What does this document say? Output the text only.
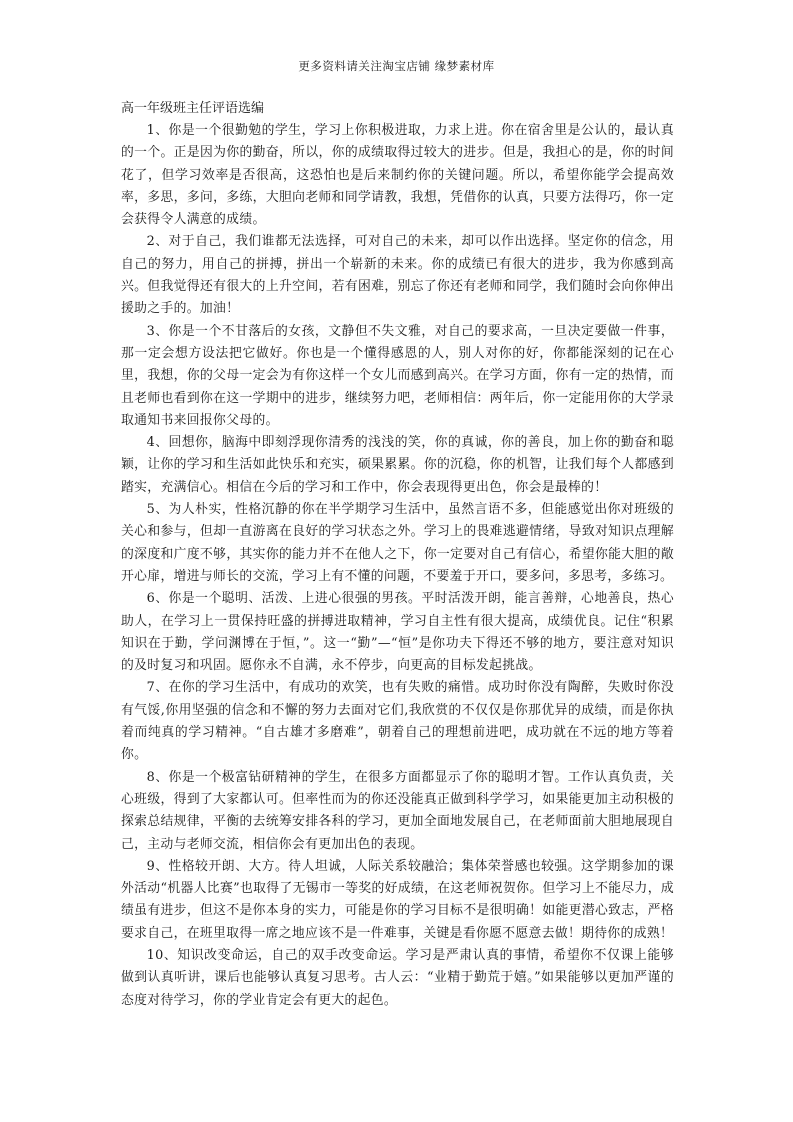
更多资料请关注淘宝店铺 缘梦素材库
高一年级班主任评语选编

1、你是一个很勤勉的学生，学习上你积极进取，力求上进。你在宿舍里是公认的，最认真的一个。正是因为你的勤奋，所以，你的成绩取得过较大的进步。但是，我担心的是，你的时间花了，但学习效率是否很高，这恐怕也是后来制约你的关键问题。所以，希望你能学会提高效率，多思，多问，多练，大胆向老师和同学请教，我想，凭借你的认真，只要方法得巧，你一定会获得令人满意的成绩。

2、对于自己，我们谁都无法选择，可对自己的未来，却可以作出选择。坚定你的信念，用自己的努力，用自己的拼搏，拼出一个崭新的未来。你的成绩已有很大的进步，我为你感到高兴。但我觉得还有很大的上升空间，若有困难，别忘了你还有老师和同学，我们随时会向你伸出援助之手的。加油！

3、你是一个不甘落后的女孩，文静但不失文雅，对自己的要求高，一旦决定要做一件事，那一定会想方设法把它做好。你也是一个懂得感恩的人，别人对你的好，你都能深刻的记在心里，我想，你的父母一定会为有你这样一个女儿而感到高兴。在学习方面，你有一定的热情，而且老师也看到你在这一学期中的进步，继续努力吧，老师相信：两年后，你一定能用你的大学录取通知书来回报你父母的。

4、回想你，脑海中即刻浮现你清秀的浅浅的笑，你的真诚，你的善良，加上你的勤奋和聪颖，让你的学习和生活如此快乐和充实，硕果累累。你的沉稳，你的机智，让我们每个人都感到踏实，充满信心。相信在今后的学习和工作中，你会表现得更出色，你会是最棒的！

5、为人朴实，性格沉静的你在半学期学习生活中，虽然言语不多，但能感觉出你对班级的关心和参与，但却一直游离在良好的学习状态之外。学习上的畏难逃避情绪，导致对知识点理解的深度和广度不够，其实你的能力并不在他人之下，你一定要对自己有信心，希望你能大胆的敞开心扉，增进与师长的交流，学习上有不懂的问题，不要羞于开口，要多问，多思考，多练习。

6、你是一个聪明、活泼、上进心很强的男孩。平时活泼开朗，能言善辩，心地善良，热心助人，在学习上一贯保持旺盛的拼搏进取精神，学习自主性有很大提高，成绩优良。记住“积累知识在于勤，学问渊博在于恒，”。这一“勤”—“恒”是你功夫下得还不够的地方，要注意对知识的及时复习和巩固。愿你永不自满，永不停步，向更高的目标发起挑战。

7、在你的学习生活中，有成功的欢笑，也有失败的痛惜。成功时你没有陶醉，失败时你没有气馁,你用坚强的信念和不懈的努力去面对它们,我欣赏的不仅仅是你那优异的成绩，而是你执着而纯真的学习精神。“自古雄才多磨难”，朝着自己的理想前进吧，成功就在不远的地方等着你。

8、你是一个极富钻研精神的学生，在很多方面都显示了你的聪明才智。工作认真负责，关心班级，得到了大家都认可。但率性而为的你还没能真正做到科学学习，如果能更加主动积极的探索总结规律，平衡的去统筹安排各科的学习，更加全面地发展自己，在老师面前大胆地展现自己，主动与老师交流，相信你会有更加出色的表现。

9、性格较开朗、大方。待人坦诚，人际关系较融洽；集体荣誉感也较强。这学期参加的课外活动“机器人比赛”也取得了无锡市一等奖的好成绩，在这老师祝贺你。但学习上不能尽力，成绩虽有进步，但这不是你本身的实力，可能是你的学习目标不是很明确！如能更潜心致志，严格要求自己，在班里取得一席之地应该不是一件难事，关键是看你愿不愿意去做！期待你的成熟！

10、知识改变命运，自己的双手改变命运。学习是严肃认真的事情，希望你不仅课上能够做到认真听讲，课后也能够认真复习思考。古人云：“业精于勤荒于嬉。”如果能够以更加严谨的态度对待学习，你的学业肯定会有更大的起色。
